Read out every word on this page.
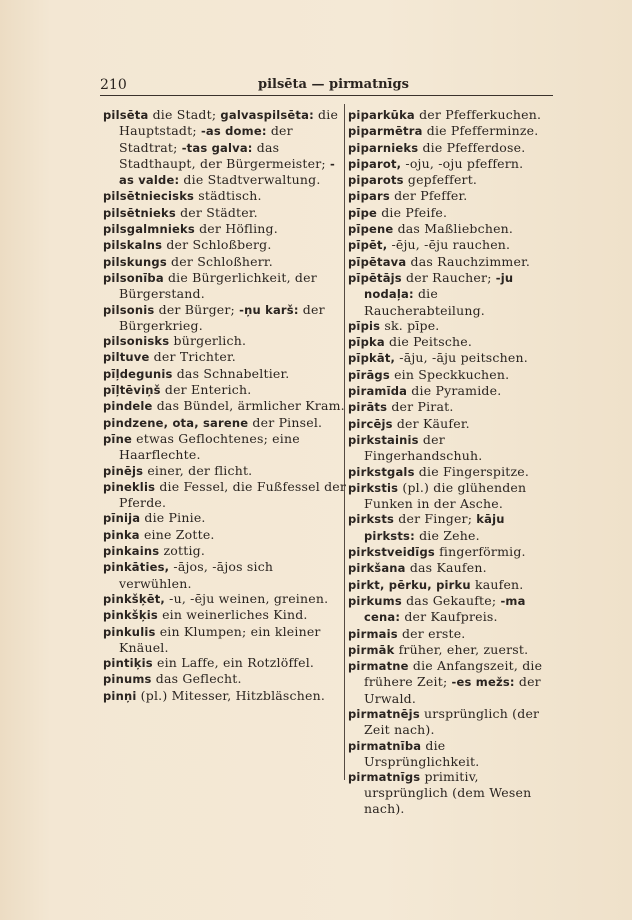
210	pilsēta — pirmatnīgs
pilsēta die Stadt; galvaspilsēta: die Hauptstadt; -as dome: der Stadtrat; -tas galva: das Stadthaupt, der Bürgermeister; -as valde: die Stadtverwaltung.
pilsētniecisks städtisch.
pilsētnieks der Städter.
pilsgalmnieks der Höfling.
pilskalns der Schloßberg.
pilskungs der Schloßherr.
pilsonība die Bürgerlichkeit, der Bürgerstand.
pilsonis der Bürger; -ņu karš: der Bürgerkrieg.
pilsonisks bürgerlich.
piltuve der Trichter.
pīļdegunis das Schnabeltier.
pīļtēviņš der Enterich.
pindele das Bündel, ärmlicher Kram.
pindzene, ota, sarene der Pinsel.
pīne etwas Geflochtenes; eine Haarflechte.
pinējs einer, der flicht.
pineklis die Fessel, die Fußfessel der Pferde.
pīnija die Pinie.
pinka eine Zotte.
pinkains zottig.
pinkāties, -ājos, -ājos sich verwühlen.
pinkšķēt, -u, -ēju weinen, greinen.
pinkšķis ein weinerliches Kind.
pinkulis ein Klumpen; ein kleiner Knäuel.
pintiķis ein Laffe, ein Rotzlöffel.
pinums das Geflecht.
pinņi (pl.) Mitesser, Hitzbläschen.
piparkūka der Pfefferkuchen.
piparmētra die Pfefferminze.
piparnieks die Pfefferdose.
piparot, -oju, -oju pfeffern.
piparots gepfeffert.
pipars der Pfeffer.
pīpe die Pfeife.
pīpene das Maßliebchen.
pīpēt, -ēju, -ēju rauchen.
pīpētava das Rauchzimmer.
pīpētājs der Raucher; -ju nodaļa: die Raucherabteilung.
pīpis sk. pīpe.
pīpka die Peitsche.
pīpkāt, -āju, -āju peitschen.
pīrāgs ein Speckkuchen.
piramīda die Pyramide.
pirāts der Pirat.
pircējs der Käufer.
pirkstainis der Fingerhandschuh.
pirkstgals die Fingerspitze.
pirkstis (pl.) die glühenden Funken in der Asche.
pirksts der Finger; kāju pirksts: die Zehe.
pirkstveidīgs fingerförmig.
pirkšana das Kaufen.
pirkt, pērku, pirku kaufen.
pirkums das Gekaufte; -ma cena: der Kaufpreis.
pirmais der erste.
pirmāk früher, eher, zuerst.
pirmatne die Anfangszeit, die frühere Zeit; -es mežs: der Urwald.
pirmatnējs ursprünglich (der Zeit nach).
pirmatnība die Ursprünglichkeit.
pirmatnīgs primitiv, ursprünglich (dem Wesen nach).
